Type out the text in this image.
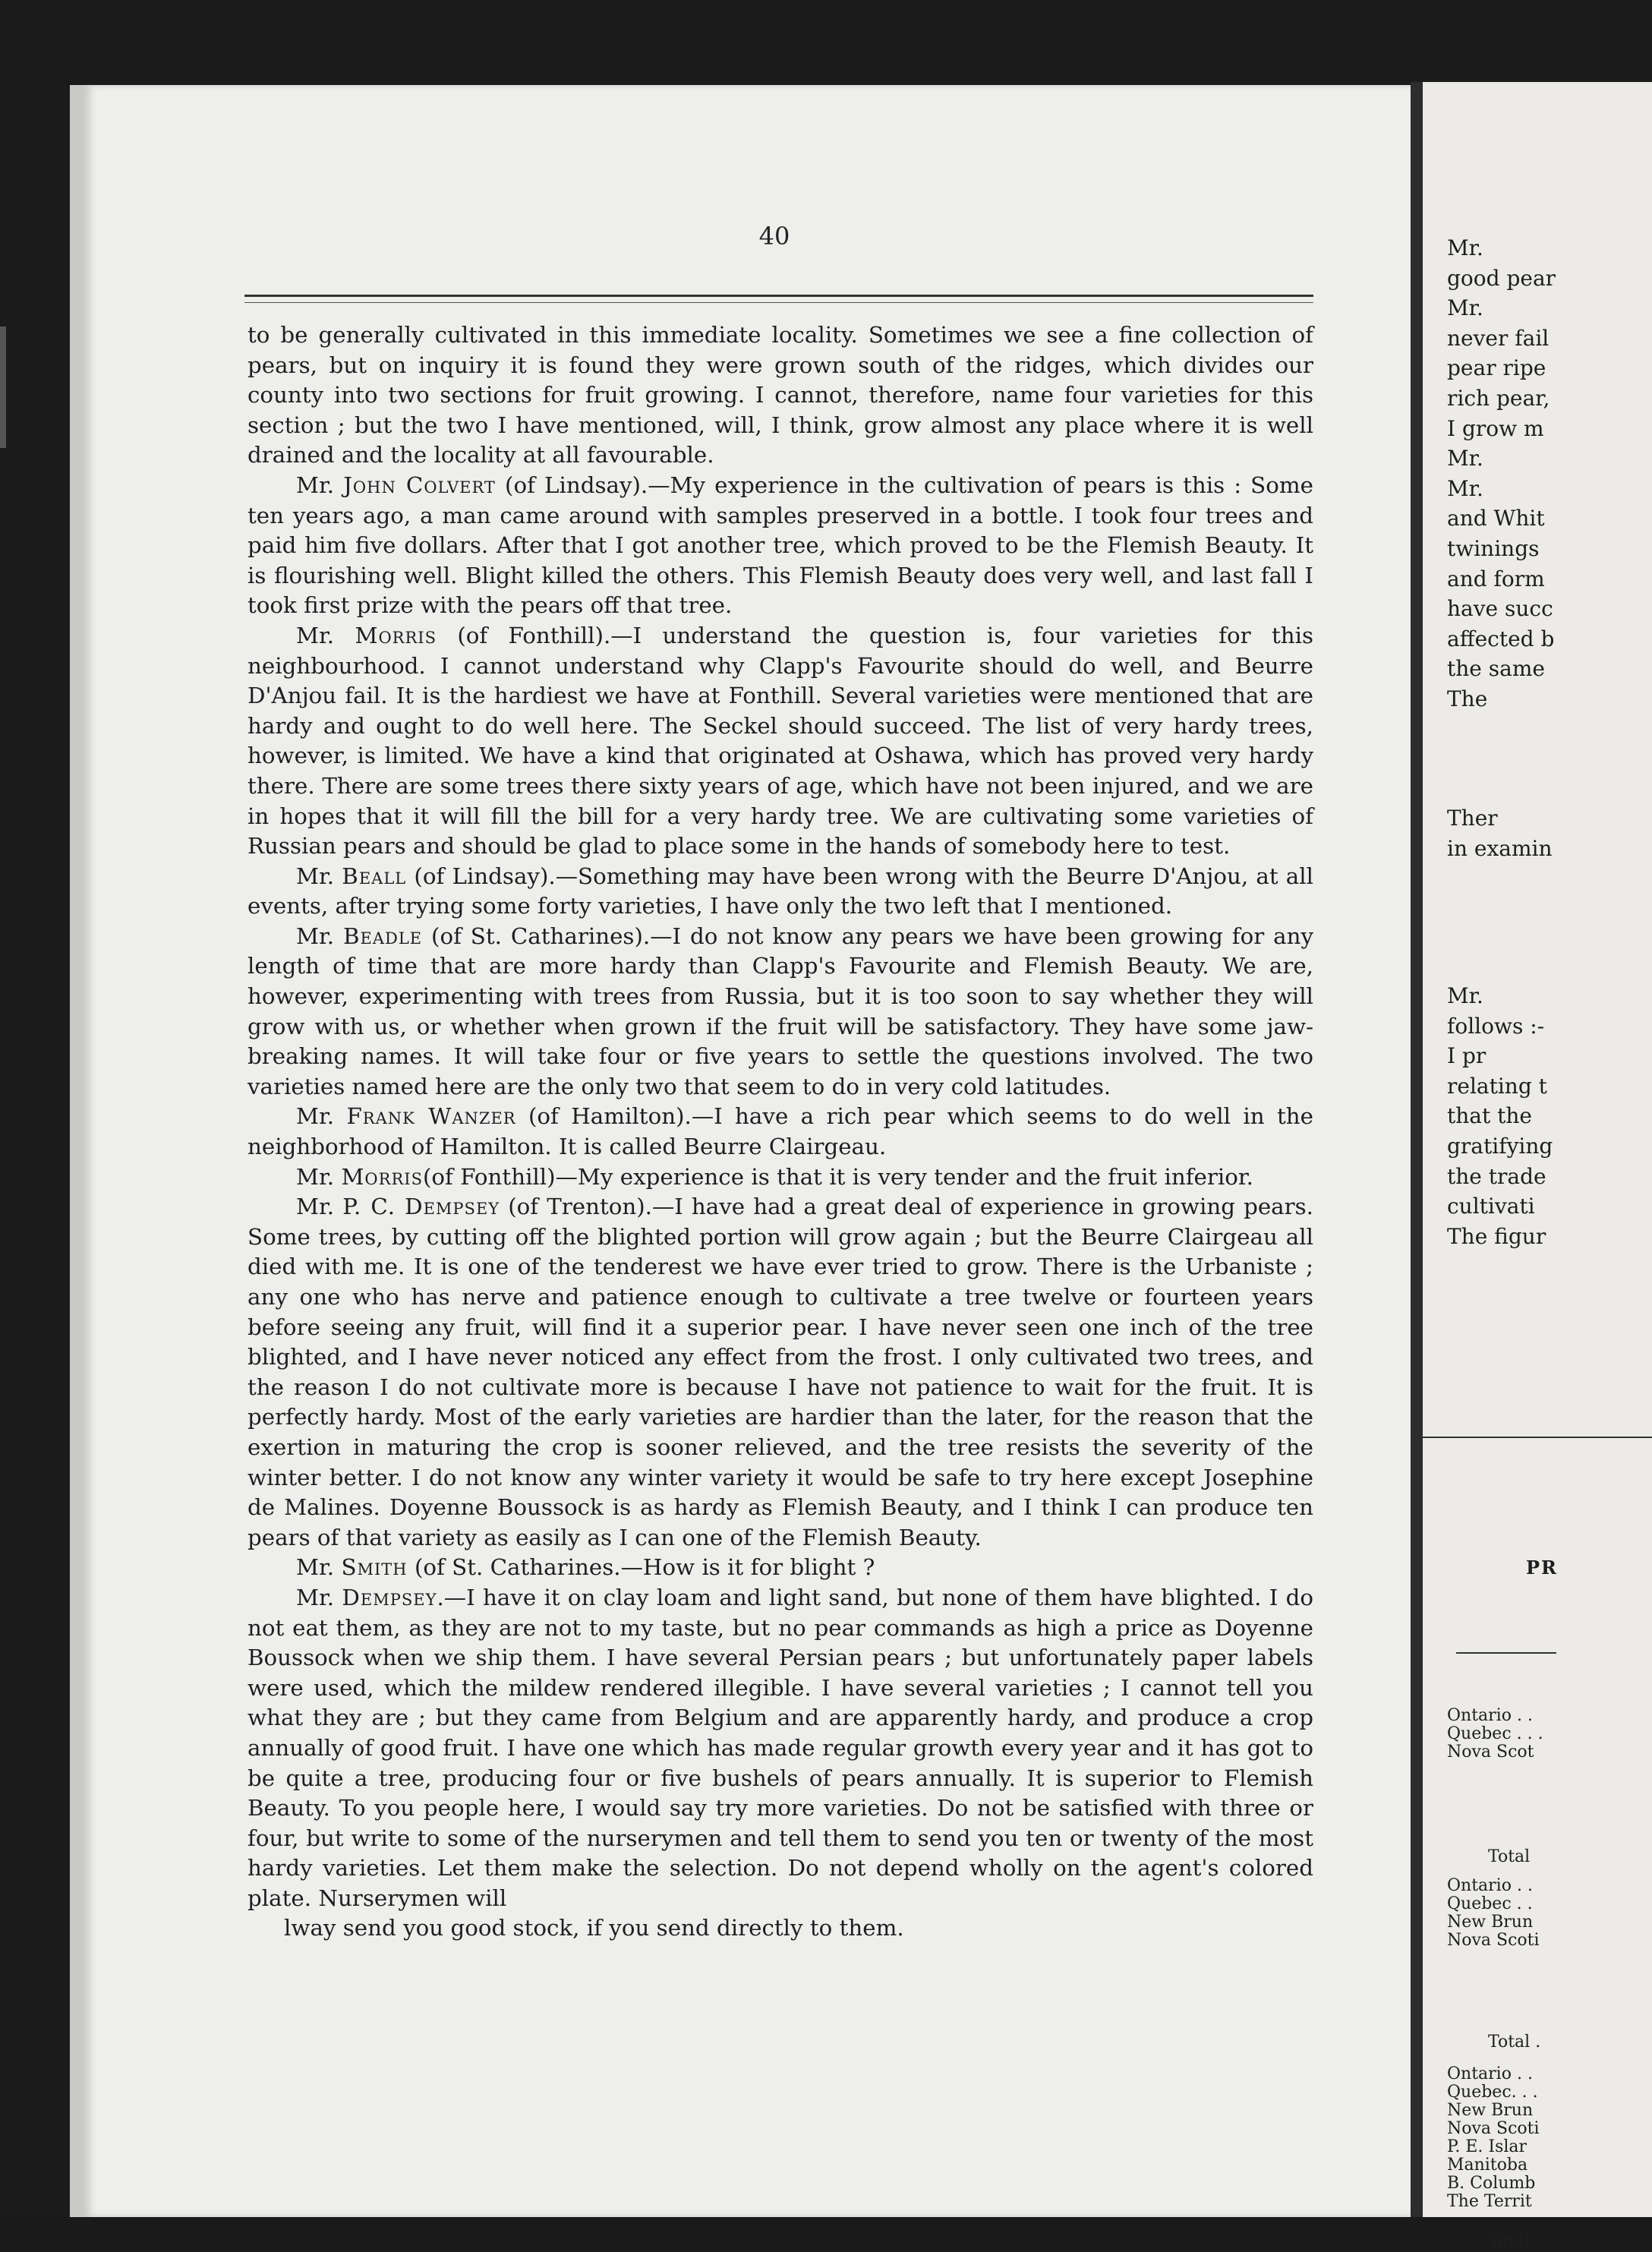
40

to be generally cultivated in this immediate locality. Sometimes we see a fine collection of pears, but on inquiry it is found they were grown south of the ridges, which divides our county into two sections for fruit growing. I cannot, therefore, name four varieties for this section ; but the two I have mentioned, will, I think, grow almost any place where it is well drained and the locality at all favourable.

Mr. John Colvert (of Lindsay).—My experience in the cultivation of pears is this : Some ten years ago, a man came around with samples preserved in a bottle. I took four trees and paid him five dollars. After that I got another tree, which proved to be the Flemish Beauty. It is flourishing well. Blight killed the others. This Flemish Beauty does very well, and last fall I took first prize with the pears off that tree.

Mr. Morris (of Fonthill).—I understand the question is, four varieties for this neighbourhood. I cannot understand why Clapp's Favourite should do well, and Beurre D'Anjou fail. It is the hardiest we have at Fonthill. Several varieties were mentioned that are hardy and ought to do well here. The Seckel should succeed. The list of very hardy trees, however, is limited. We have a kind that originated at Oshawa, which has proved very hardy there. There are some trees there sixty years of age, which have not been injured, and we are in hopes that it will fill the bill for a very hardy tree. We are cultivating some varieties of Russian pears and should be glad to place some in the hands of somebody here to test.

Mr. Beall (of Lindsay).—Something may have been wrong with the Beurre D'Anjou, at all events, after trying some forty varieties, I have only the two left that I mentioned.

Mr. Beadle (of St. Catharines).—I do not know any pears we have been growing for any length of time that are more hardy than Clapp's Favourite and Flemish Beauty. We are, however, experimenting with trees from Russia, but it is too soon to say whether they will grow with us, or whether when grown if the fruit will be satisfactory. They have some jaw-breaking names. It will take four or five years to settle the questions involved. The two varieties named here are the only two that seem to do in very cold latitudes.

Mr. Frank Wanzer (of Hamilton).—I have a rich pear which seems to do well in the neighborhood of Hamilton. It is called Beurre Clairgeau.

Mr. Morris(of Fonthill)—My experience is that it is very tender and the fruit inferior.

Mr. P. C. Dempsey (of Trenton).—I have had a great deal of experience in growing pears. Some trees, by cutting off the blighted portion will grow again ; but the Beurre Clairgeau all died with me. It is one of the tenderest we have ever tried to grow. There is the Urbaniste ; any one who has nerve and patience enough to cultivate a tree twelve or fourteen years before seeing any fruit, will find it a superior pear. I have never seen one inch of the tree blighted, and I have never noticed any effect from the frost. I only cultivated two trees, and the reason I do not cultivate more is because I have not patience to wait for the fruit. It is perfectly hardy. Most of the early varieties are hardier than the later, for the reason that the exertion in maturing the crop is sooner relieved, and the tree resists the severity of the winter better. I do not know any winter variety it would be safe to try here except Josephine de Malines. Doyenne Boussock is as hardy as Flemish Beauty, and I think I can produce ten pears of that variety as easily as I can one of the Flemish Beauty.

Mr. Smith (of St. Catharines.—How is it for blight ?

Mr. Dempsey.—I have it on clay loam and light sand, but none of them have blighted. I do not eat them, as they are not to my taste, but no pear commands as high a price as Doyenne Boussock when we ship them. I have several Persian pears ; but unfortunately paper labels were used, which the mildew rendered illegible. I have several varieties ; I cannot tell you what they are ; but they came from Belgium and are apparently hardy, and produce a crop annually of good fruit. I have one which has made regular growth every year and it has got to be quite a tree, producing four or five bushels of pears annually. It is superior to Flemish Beauty. To you people here, I would say try more varieties. Do not be satisfied with three or four, but write to some of the nurserymen and tell them to send you ten or twenty of the most hardy varieties. Let them make the selection. Do not depend wholly on the agent's colored plate. Nurserymen will

lway send you good stock, if you send directly to them.

Mr.
good pear
Mr.
never fail
pear ripe
rich pear,
I grow m
Mr.
Mr.
and Whit
twinings
and form
have succ
affected b
the same
The
Ther
in examin
Mr.
follows :-
I pr
relating t
that the
gratifying
the trade
cultivati
The figur
PR
Ontario . .
Quebec . . .
Nova Scot
Total
Ontario . .
Quebec . .
New Brun
Nova Scoti
Total .
Ontario . .
Quebec. . .
New Brun
Nova Scoti
P. E. Islar
Manitoba
B. Columb
The Territ
Total .
